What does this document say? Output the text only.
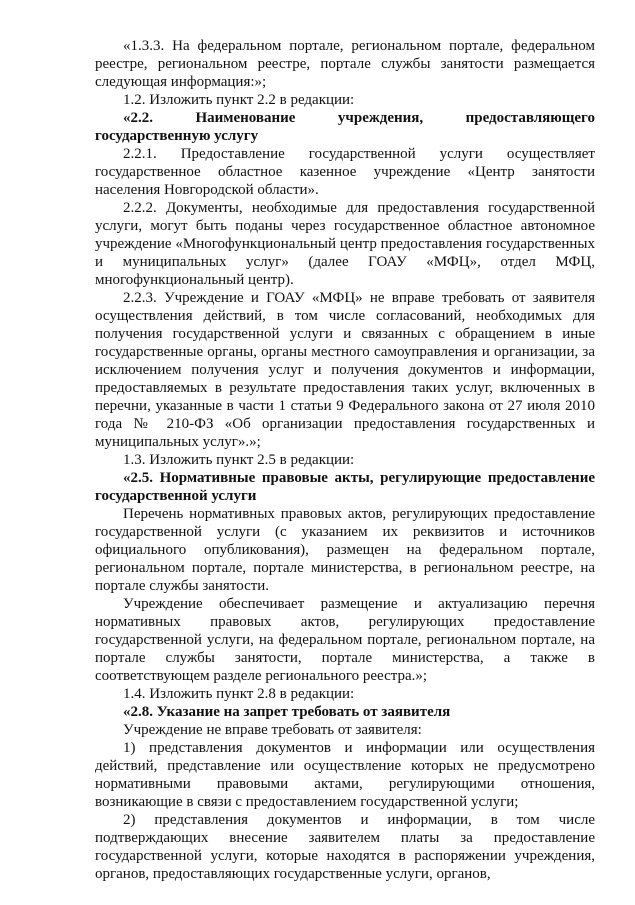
«1.3.3. На федеральном портале, региональном портале, федеральном реестре, региональном реестре, портале службы занятости размещается следующая информация:»;

1.2. Изложить пункт 2.2 в редакции:

«2.2. Наименование учреждения, предоставляющего государственную услугу

2.2.1. Предоставление государственной услуги осуществляет государственное областное казенное учреждение «Центр занятости населения Новгородской области».

2.2.2. Документы, необходимые для предоставления государственной услуги, могут быть поданы через государственное областное автономное учреждение «Многофункциональный центр предоставления государственных и муниципальных услуг» (далее ГОАУ «МФЦ», отдел МФЦ, многофункциональный центр).

2.2.3. Учреждение и ГОАУ «МФЦ» не вправе требовать от заявителя осуществления действий, в том числе согласований, необходимых для получения государственной услуги и связанных с обращением в иные государственные органы, органы местного самоуправления и организации, за исключением получения услуг и получения документов и информации, предоставляемых в результате предоставления таких услуг, включенных в перечни, указанные в части 1 статьи 9 Федерального закона от 27 июля 2010 года № 210-ФЗ «Об организации предоставления государственных и муниципальных услуг».»;

1.3. Изложить пункт 2.5 в редакции:

«2.5. Нормативные правовые акты, регулирующие предоставление государственной услуги

Перечень нормативных правовых актов, регулирующих предоставление государственной услуги (с указанием их реквизитов и источников официального опубликования), размещен на федеральном портале, региональном портале, портале министерства, в региональном реестре, на портале службы занятости.

Учреждение обеспечивает размещение и актуализацию перечня нормативных правовых актов, регулирующих предоставление государственной услуги, на федеральном портале, региональном портале, на портале службы занятости, портале министерства, а также в соответствующем разделе регионального реестра.»;

1.4. Изложить пункт 2.8 в редакции:

«2.8. Указание на запрет требовать от заявителя

Учреждение не вправе требовать от заявителя:

1) представления документов и информации или осуществления действий, представление или осуществление которых не предусмотрено нормативными правовыми актами, регулирующими отношения, возникающие в связи с предоставлением государственной услуги;

2) представления документов и информации, в том числе подтверждающих внесение заявителем платы за предоставление государственной услуги, которые находятся в распоряжении учреждения, органов, предоставляющих государственные услуги, органов,
